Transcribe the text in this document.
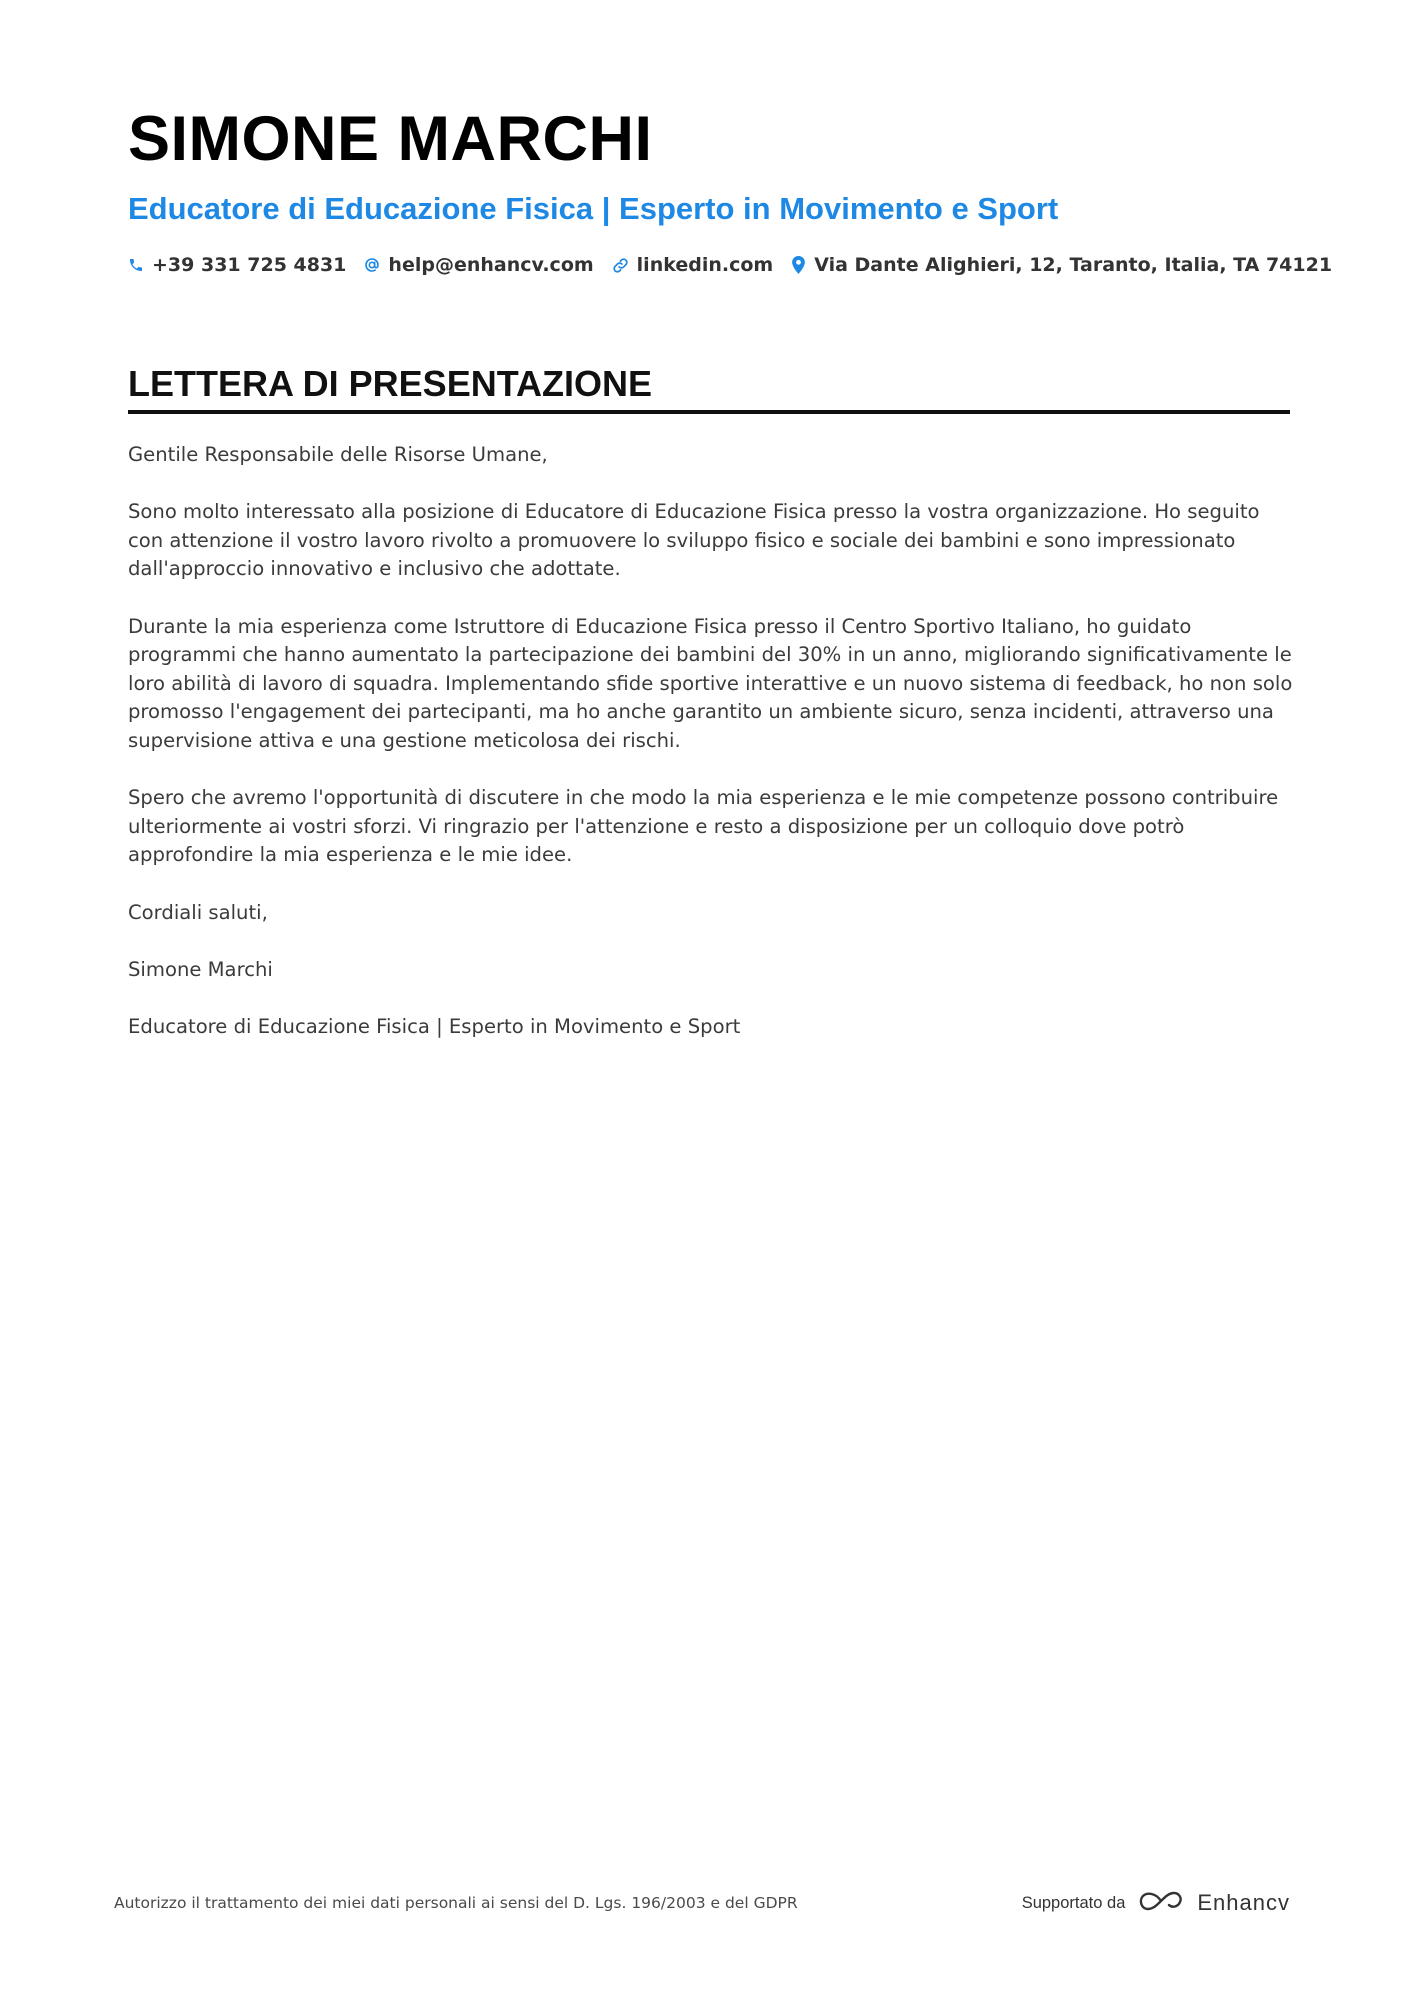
SIMONE MARCHI
Educatore di Educazione Fisica | Esperto in Movimento e Sport
+39 331 725 4831 help@enhancv.com linkedin.com Via Dante Alighieri, 12, Taranto, Italia, TA 74121
LETTERA DI PRESENTAZIONE

Gentile Responsabile delle Risorse Umane,

Sono molto interessato alla posizione di Educatore di Educazione Fisica presso la vostra organizzazione. Ho seguito con attenzione il vostro lavoro rivolto a promuovere lo sviluppo fisico e sociale dei bambini e sono impressionato dall'approccio innovativo e inclusivo che adottate.

Durante la mia esperienza come Istruttore di Educazione Fisica presso il Centro Sportivo Italiano, ho guidato programmi che hanno aumentato la partecipazione dei bambini del 30% in un anno, migliorando significativamente le loro abilità di lavoro di squadra. Implementando sfide sportive interattive e un nuovo sistema di feedback, ho non solo promosso l'engagement dei partecipanti, ma ho anche garantito un ambiente sicuro, senza incidenti, attraverso una supervisione attiva e una gestione meticolosa dei rischi.

Spero che avremo l'opportunità di discutere in che modo la mia esperienza e le mie competenze possono contribuire ulteriormente ai vostri sforzi. Vi ringrazio per l'attenzione e resto a disposizione per un colloquio dove potrò approfondire la mia esperienza e le mie idee.

Cordiali saluti,

Simone Marchi

Educatore di Educazione Fisica | Esperto in Movimento e Sport

Autorizzo il trattamento dei miei dati personali ai sensi del D. Lgs. 196/2003 e del GDPR	Supportato da	Enhancv
